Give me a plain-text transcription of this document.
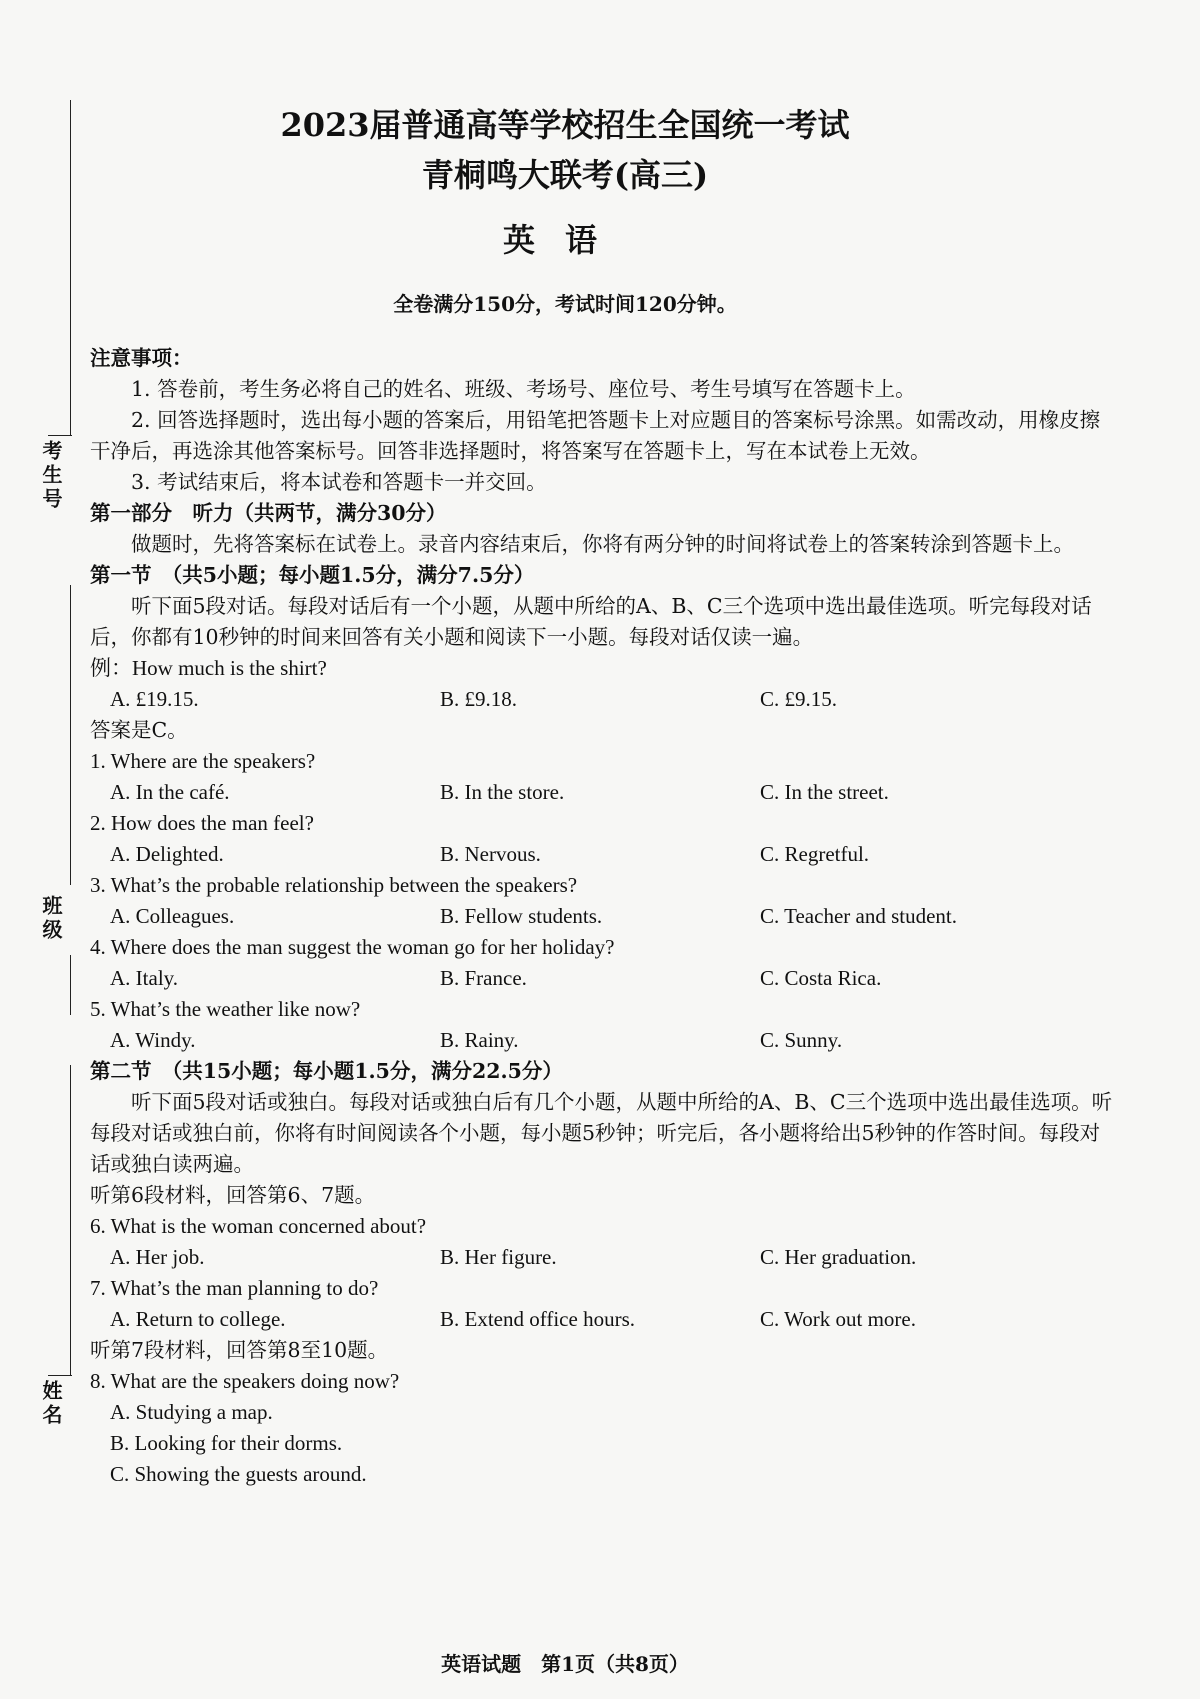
考生号
班级
姓名
2023届普通高等学校招生全国统一考试
青桐鸣大联考(高三)
英语
全卷满分150分，考试时间120分钟。

注意事项：

1. 答卷前，考生务必将自己的姓名、班级、考场号、座位号、考生号填写在答题卡上。

2. 回答选择题时，选出每小题的答案后，用铅笔把答题卡上对应题目的答案标号涂黑。如需改动，用橡皮擦干净后，再选涂其他答案标号。回答非选择题时，将答案写在答题卡上，写在本试卷上无效。

3. 考试结束后，将本试卷和答题卡一并交回。

第一部分　听力（共两节，满分30分）

做题时，先将答案标在试卷上。录音内容结束后，你将有两分钟的时间将试卷上的答案转涂到答题卡上。

第一节　（共5小题；每小题1.5分，满分7.5分）

听下面5段对话。每段对话后有一个小题，从题中所给的A、B、C三个选项中选出最佳选项。听完每段对话后，你都有10秒钟的时间来回答有关小题和阅读下一小题。每段对话仅读一遍。

例：How much is the shirt?

A. £19.15.	B. £9.18.	C. £9.15.

答案是C。

1. Where are the speakers?

A. In the café.	B. In the store.	C. In the street.

2. How does the man feel?

A. Delighted.	B. Nervous.	C. Regretful.

3. What’s the probable relationship between the speakers?

A. Colleagues.	B. Fellow students.	C. Teacher and student.

4. Where does the man suggest the woman go for her holiday?

A. Italy.	B. France.	C. Costa Rica.

5. What’s the weather like now?

A. Windy.	B. Rainy.	C. Sunny.

第二节　（共15小题；每小题1.5分，满分22.5分）

听下面5段对话或独白。每段对话或独白后有几个小题，从题中所给的A、B、C三个选项中选出最佳选项。听每段对话或独白前，你将有时间阅读各个小题，每小题5秒钟；听完后，各小题将给出5秒钟的作答时间。每段对话或独白读两遍。

听第6段材料，回答第6、7题。

6. What is the woman concerned about?

A. Her job.	B. Her figure.	C. Her graduation.

7. What’s the man planning to do?

A. Return to college.	B. Extend office hours.	C. Work out more.

听第7段材料，回答第8至10题。

8. What are the speakers doing now?

A. Studying a map.

B. Looking for their dorms.

C. Showing the guests around.

英语试题　第1页（共8页）
